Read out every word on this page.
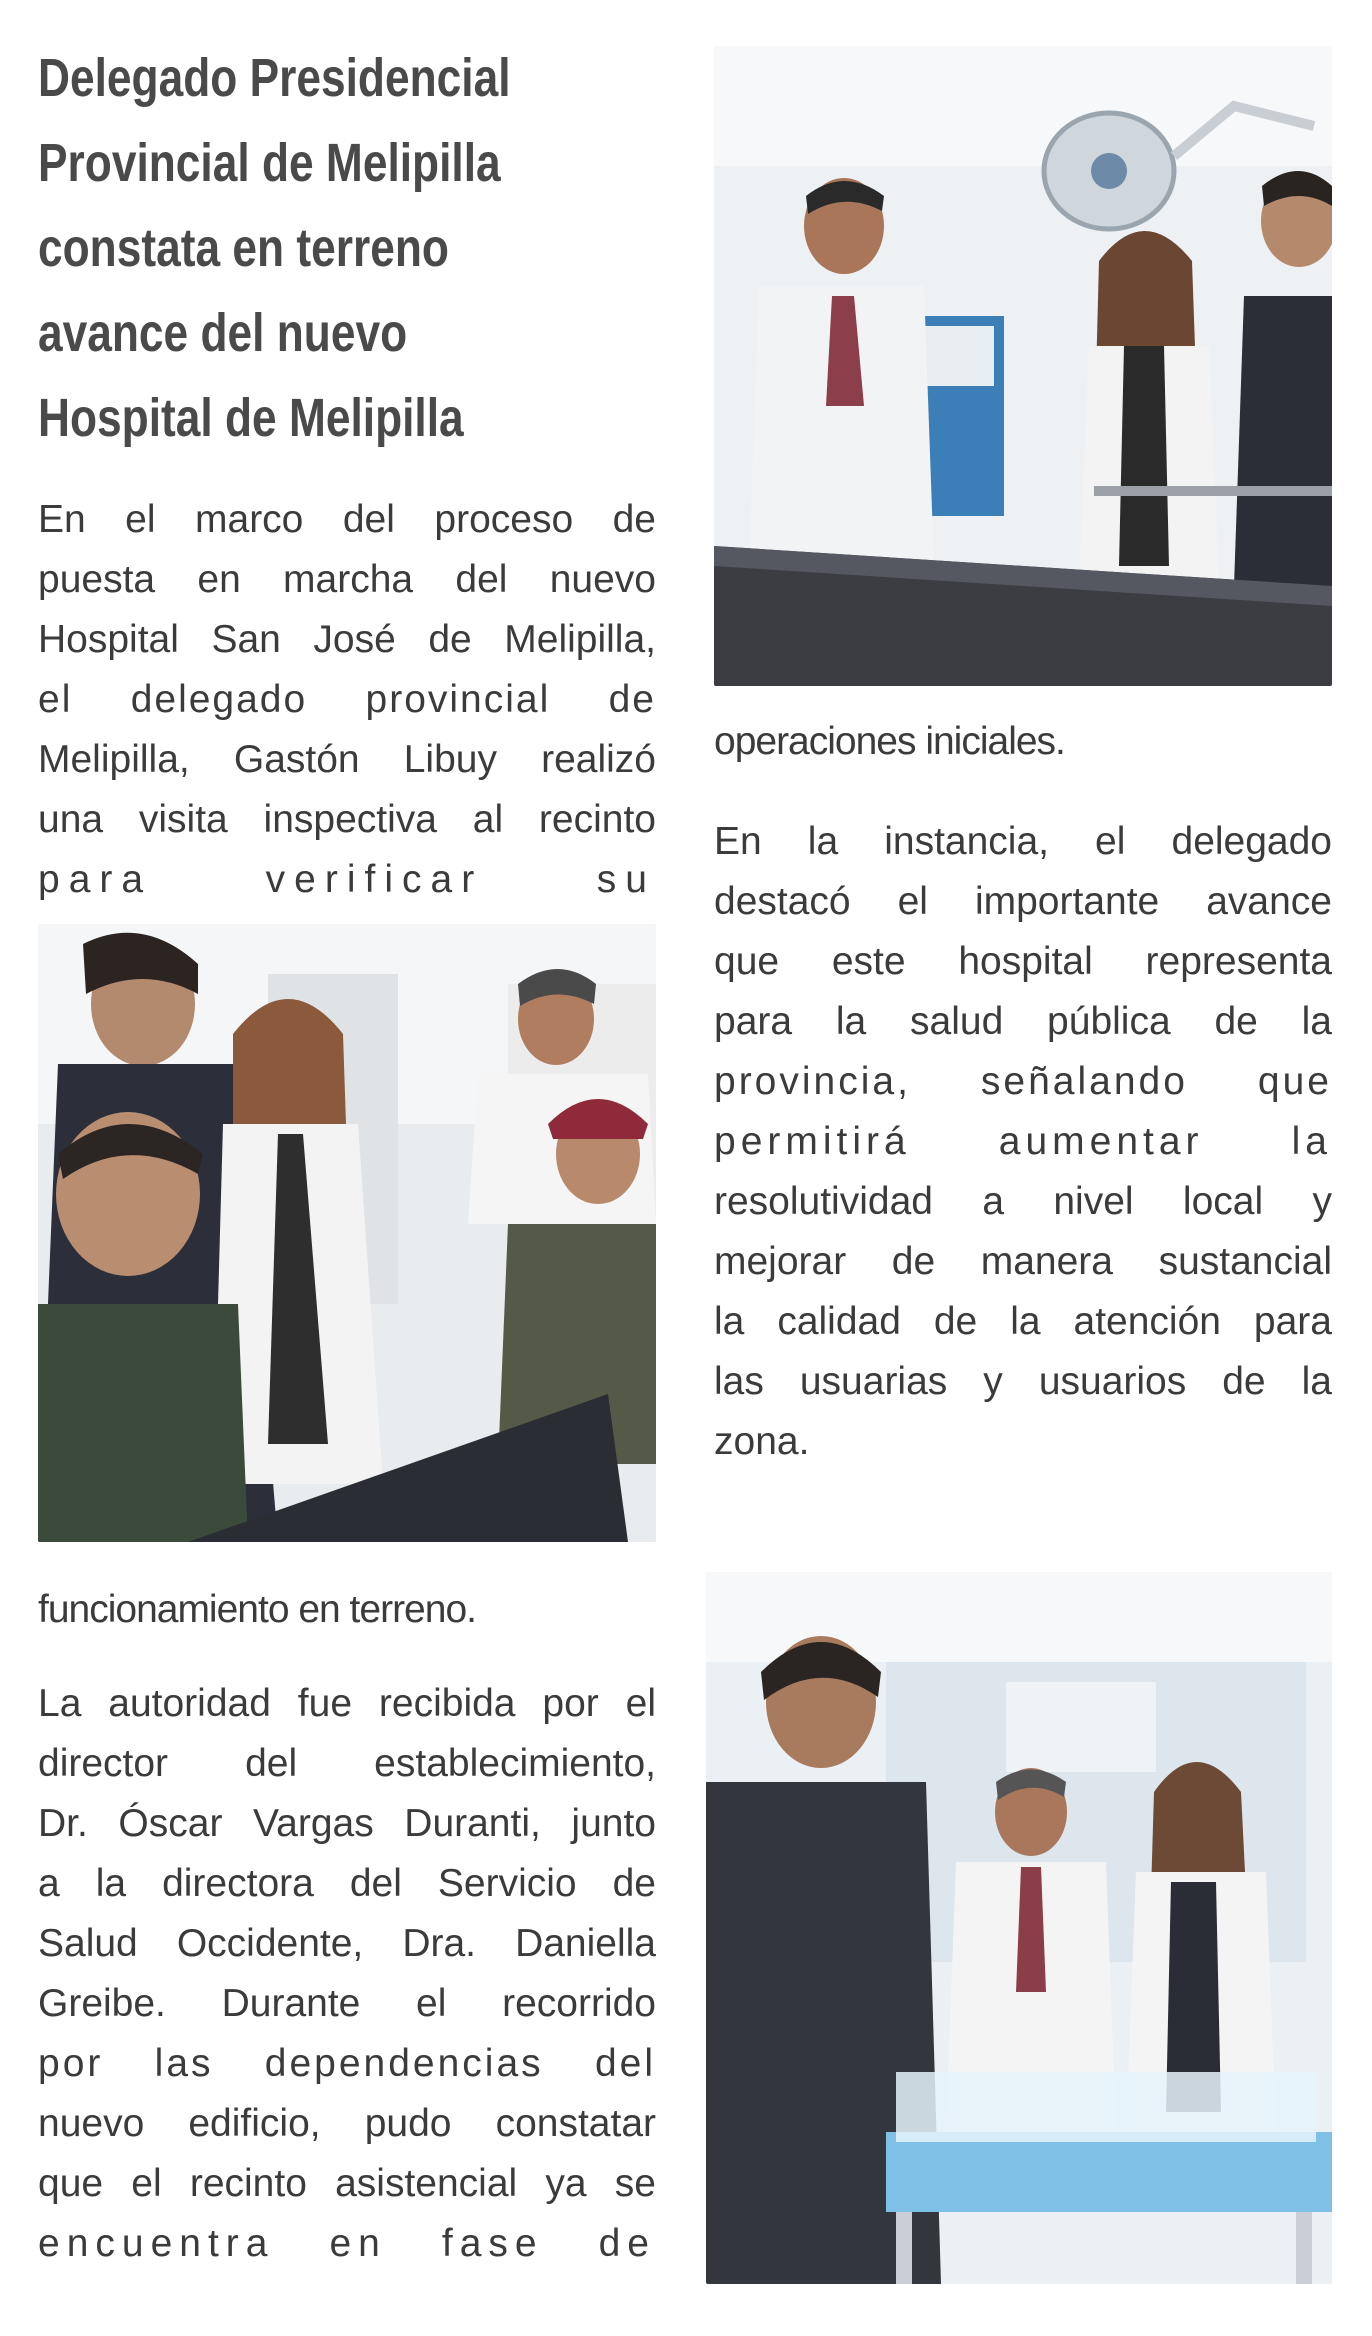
Delegado Presidencial
Provincial de Melipilla
constata en terreno
avance del nuevo
Hospital de Melipilla

En el marco del proceso de
puesta en marcha del nuevo
Hospital San José de Melipilla,
el delegado provincial de
Melipilla, Gastón Libuy realizó
una visita inspectiva al recinto
para verificar su

funcionamiento en terreno.

La autoridad fue recibida por el
director del establecimiento,
Dr. Óscar Vargas Duranti, junto
a la directora del Servicio de
Salud Occidente, Dra. Daniella
Greibe. Durante el recorrido
por las dependencias del
nuevo edificio, pudo constatar
que el recinto asistencial ya se
encuentra en fase de

operaciones iniciales.

En la instancia, el delegado
destacó el importante avance
que este hospital representa
para la salud pública de la
provincia, señalando que
permitirá aumentar la
resolutividad a nivel local y
mejorar de manera sustancial
la calidad de la atención para
las usuarias y usuarios de la
zona.
